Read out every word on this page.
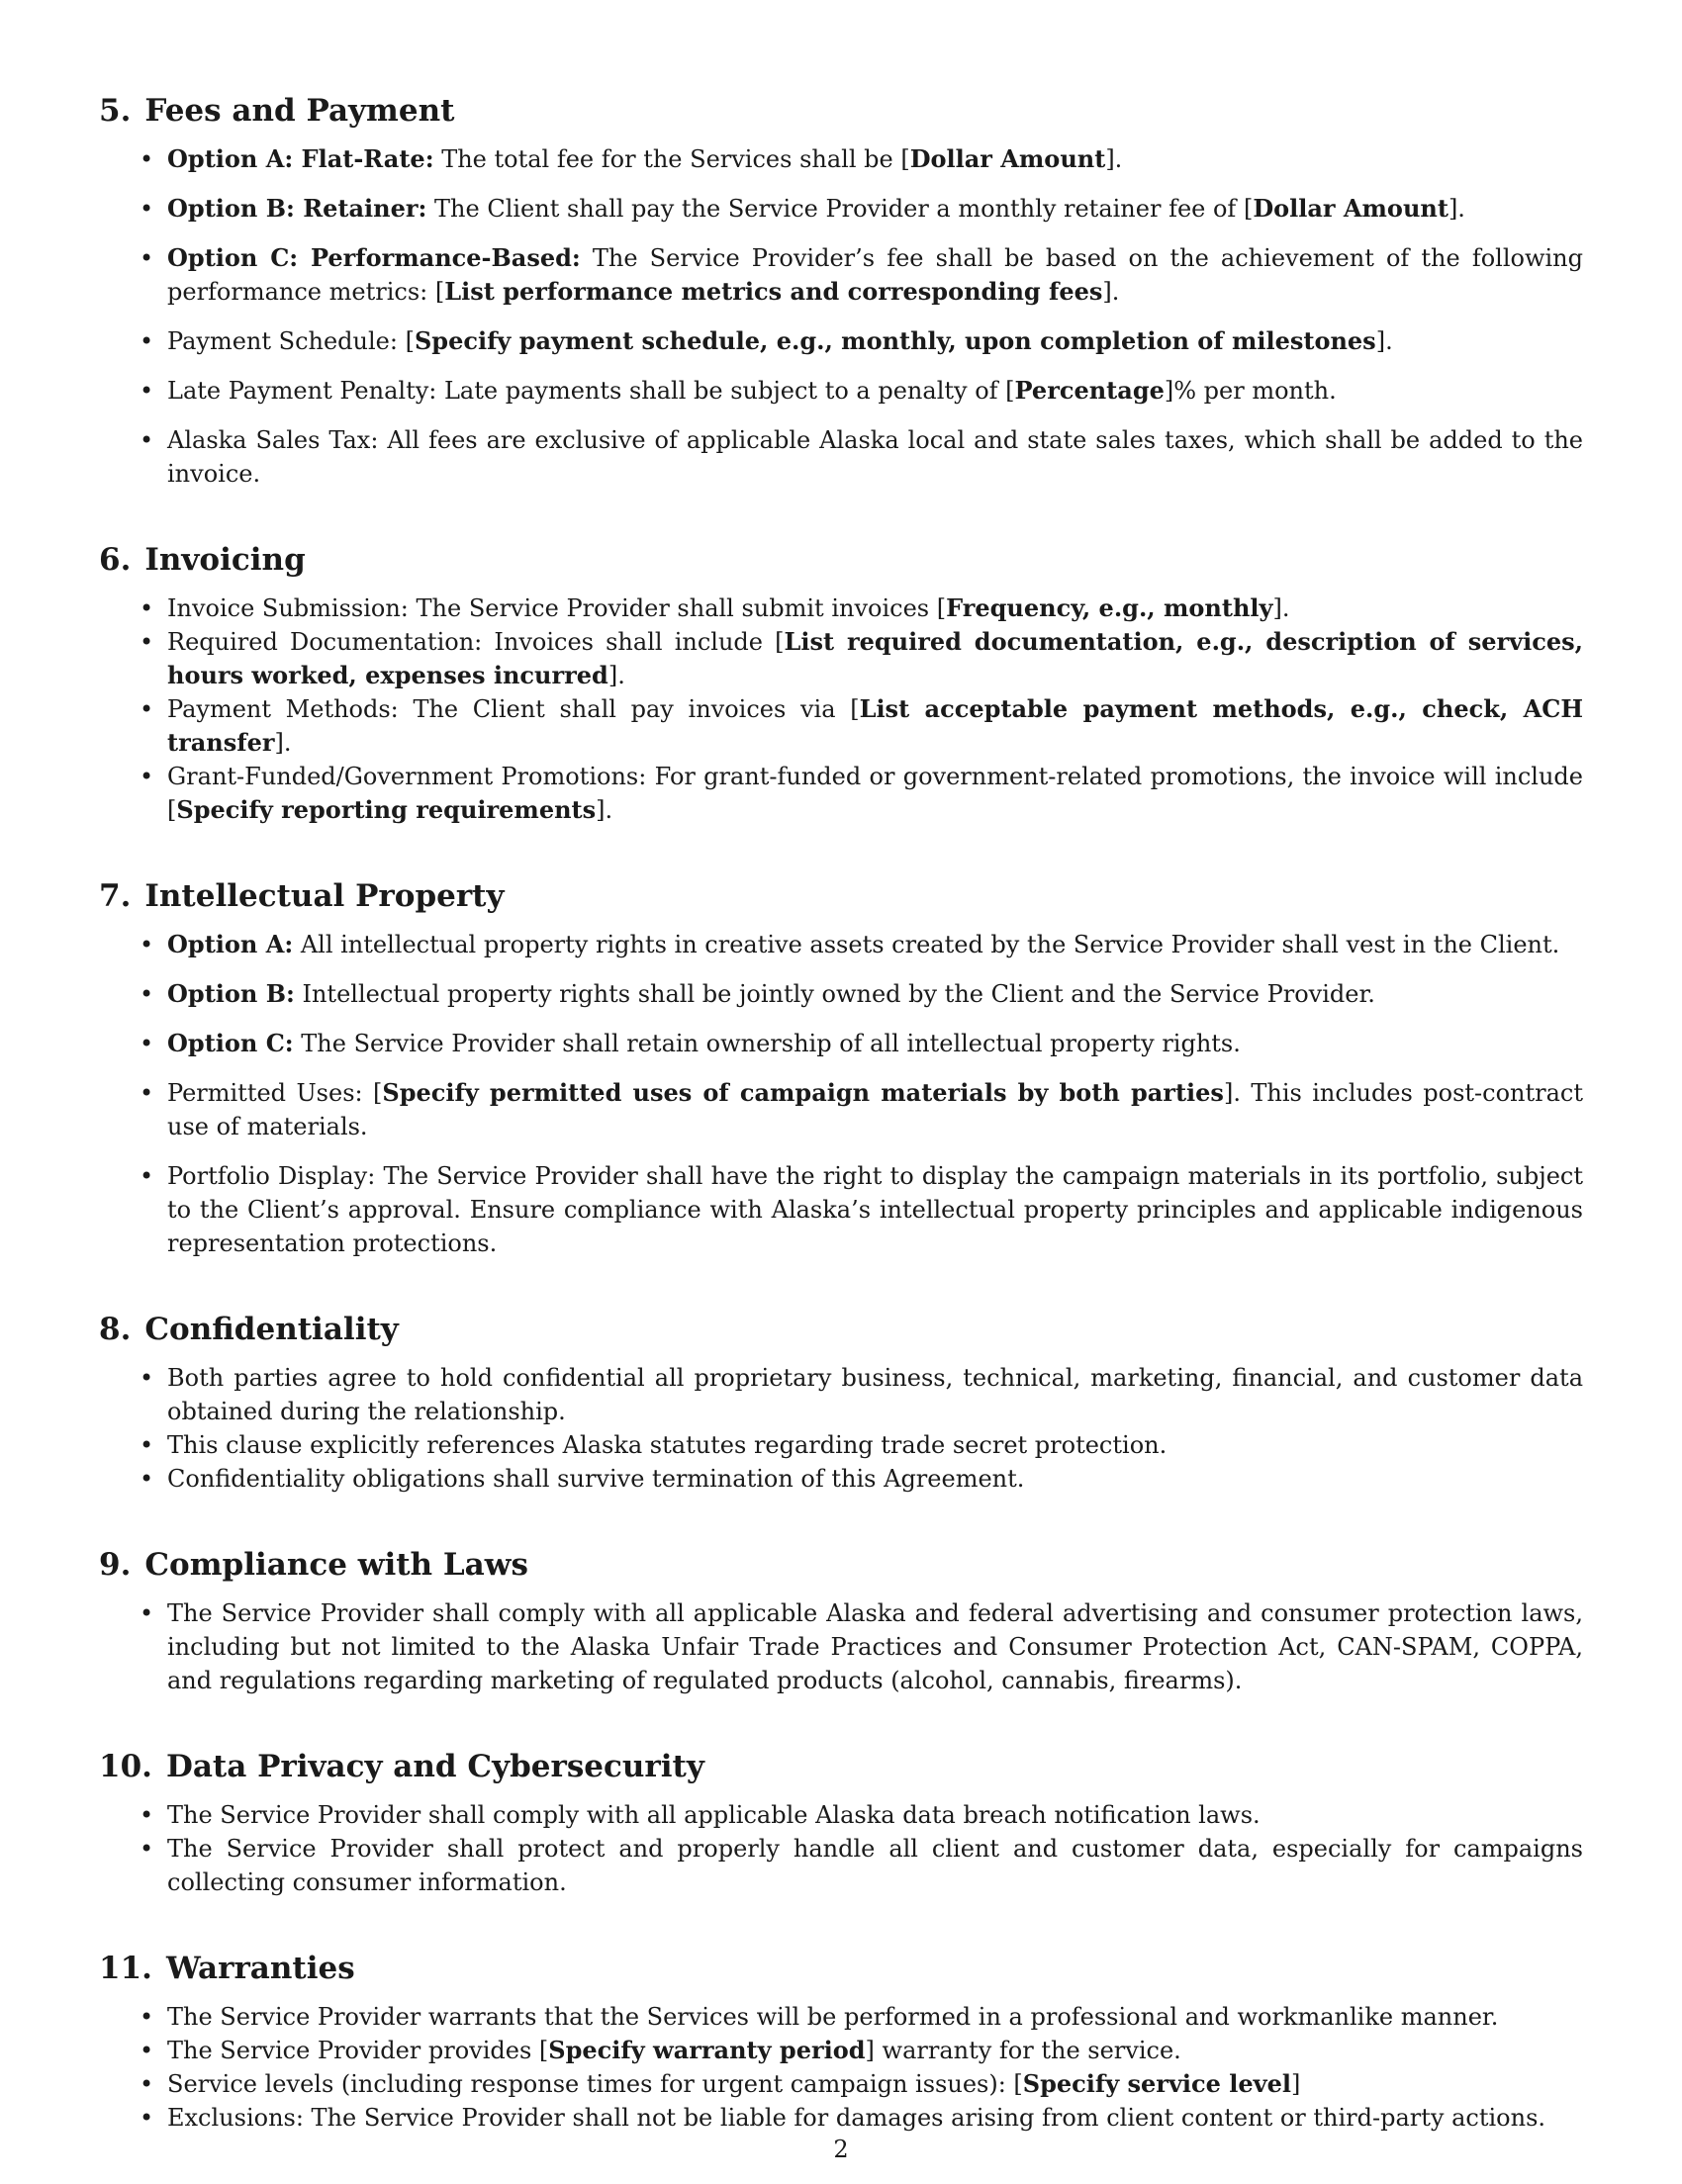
5. Fees and Payment
• Option A: Flat-Rate: The total fee for the Services shall be [Dollar Amount].
• Option B: Retainer: The Client shall pay the Service Provider a monthly retainer fee of [Dollar Amount].
• Option C: Performance-Based: The Service Provider’s fee shall be based on the achievement of the following performance metrics: [List performance metrics and corresponding fees].
• Payment Schedule: [Specify payment schedule, e.g., monthly, upon completion of milestones].
• Late Payment Penalty: Late payments shall be subject to a penalty of [Percentage]% per month.
• Alaska Sales Tax: All fees are exclusive of applicable Alaska local and state sales taxes, which shall be added to the invoice.
6. Invoicing
• Invoice Submission: The Service Provider shall submit invoices [Frequency, e.g., monthly].
• Required Documentation: Invoices shall include [List required documentation, e.g., description of services, hours worked, expenses incurred].
• Payment Methods: The Client shall pay invoices via [List acceptable payment methods, e.g., check, ACH transfer].
• Grant-Funded/Government Promotions: For grant-funded or government-related promotions, the invoice will include [Specify reporting requirements].
7. Intellectual Property
• Option A: All intellectual property rights in creative assets created by the Service Provider shall vest in the Client.
• Option B: Intellectual property rights shall be jointly owned by the Client and the Service Provider.
• Option C: The Service Provider shall retain ownership of all intellectual property rights.
• Permitted Uses: [Specify permitted uses of campaign materials by both parties]. This includes post-contract use of materials.
• Portfolio Display: The Service Provider shall have the right to display the campaign materials in its portfolio, subject to the Client’s approval. Ensure compliance with Alaska’s intellectual property principles and applicable indigenous representation protections.
8. Confidentiality
• Both parties agree to hold confidential all proprietary business, technical, marketing, financial, and customer data obtained during the relationship.
• This clause explicitly references Alaska statutes regarding trade secret protection.
• Confidentiality obligations shall survive termination of this Agreement.
9. Compliance with Laws
• The Service Provider shall comply with all applicable Alaska and federal advertising and consumer protection laws, including but not limited to the Alaska Unfair Trade Practices and Consumer Protection Act, CAN-SPAM, COPPA, and regulations regarding marketing of regulated products (alcohol, cannabis, firearms).
10. Data Privacy and Cybersecurity
• The Service Provider shall comply with all applicable Alaska data breach notification laws.
• The Service Provider shall protect and properly handle all client and customer data, especially for campaigns collecting consumer information.
11. Warranties
• The Service Provider warrants that the Services will be performed in a professional and workmanlike manner.
• The Service Provider provides [Specify warranty period] warranty for the service.
• Service levels (including response times for urgent campaign issues): [Specify service level]
• Exclusions: The Service Provider shall not be liable for damages arising from client content or third-party actions.
2
